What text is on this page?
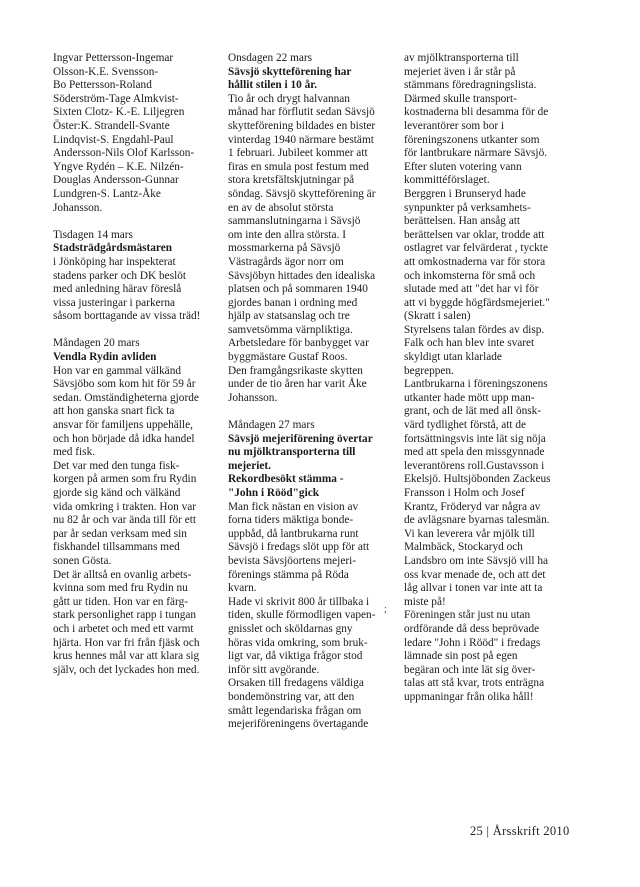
Ingvar Pettersson-Ingemar
Olsson-K.E. Svensson-
Bo Pettersson-Roland
Söderström-Tage Almkvist-
Sixten Clotz- K.-E. Liljegren
Öster:K. Strandell-Svante
Lindqvist-S. Engdahl-Paul
Andersson-Nils Olof Karlsson-
Yngve Rydén – K.E. Nilzén-
Douglas Andersson-Gunnar
Lundgren-S. Lantz-Åke
Johansson.

Tisdagen 14 mars

Stadsträdgårdsmästaren

i Jönköping har inspekterat
stadens parker och DK beslöt
med anledning härav föreslå
vissa justeringar i parkerna
såsom borttagande av vissa träd!

Måndagen 20 mars

Vendla Rydin avliden

Hon var en gammal välkänd
Sävsjöbo som kom hit för 59 år
sedan. Omständigheterna gjorde
att hon ganska snart fick ta
ansvar för familjens uppehälle,
och hon började då idka handel
med fisk.

Det var med den tunga fisk-
korgen på armen som fru Rydin
gjorde sig känd och välkänd
vida omkring i trakten. Hon var
nu 82 år och var ända till för ett
par år sedan verksam med sin
fiskhandel tillsammans med
sonen Gösta.

Det är alltså en ovanlig arbets-
kvinna som med fru Rydin nu
gått ur tiden. Hon var en färg-
stark personlighet rapp i tungan
och i arbetet och med ett varmt
hjärta. Hon var fri från fjäsk och
krus hennes mål var att klara sig
själv, och det lyckades hon med.

Onsdagen 22 mars

Sävsjö skytteförening har
hållit stilen i 10 år.

Tio år och drygt halvannan
månad har förflutit sedan Sävsjö
skytteförening bildades en bister
vinterdag 1940 närmare bestämt
1 februari. Jubileet kommer att
firas en smula post festum med
stora kretsfältskjutningar på
söndag. Sävsjö skytteförening är
en av de absolut största
sammanslutningarna i Sävsjö
om inte den allra största. I
mossmarkerna på Sävsjö
Västragårds ägor norr om
Sävsjöbyn hittades den idealiska
platsen och på sommaren 1940
gjordes banan i ordning med
hjälp av statsanslag och tre
samvetsömma värnpliktiga.

Arbetsledare för banbygget var
byggmästare Gustaf Roos.
Den framgångsrikaste skytten
under de tio åren har varit Åke
Johansson.

Måndagen 27 mars

Sävsjö mejeriförening övertar
nu mjölktransporterna till
mejeriet.
Rekordbesökt stämma -
"John i Rööd"gick

Man fick nästan en vision av
forna tiders mäktiga bonde-
uppbåd, då lantbrukarna runt
Sävsjö i fredags slöt upp för att
bevista Sävsjöortens mejeri-
förenings stämma på Röda
kvarn.

Hade vi skrivit 800 år tillbaka i
tiden, skulle förmodligen vapen-
gnisslet och sköldarnas gny
höras vida omkring, som bruk-
ligt var, då viktiga frågor stod
inför sitt avgörande.

Orsaken till fredagens väldiga
bondemönstring var, att den
smått legendariska frågan om
mejeriföreningens övertagande

av mjölktransporterna till
mejeriet även i år står på
stämmans föredragningslista.

Därmed skulle transport-
kostnaderna bli desamma för de
leverantörer som bor i
föreningszonens utkanter som
för lantbrukare närmare Sävsjö.

Efter sluten votering vann
kommittéförslaget.

Berggren i Brunseryd hade
synpunkter på verksamhets-
berättelsen. Han ansåg att
berättelsen var oklar, trodde att
ostlagret var felvärderat , tyckte
att omkostnaderna var för stora
och inkomsterna för små och
slutade med att "det har vi för
att vi byggde högfärdsmejeriet."
(Skratt i salen)

Styrelsens talan fördes av disp.
Falk och han blev inte svaret
skyldigt utan klarlade
begreppen.

Lantbrukarna i föreningszonens
utkanter hade mött upp man-
grant, och de lät med all önsk-
värd tydlighet förstå, att de
fortsättningsvis inte lät sig nöja
med att spela den missgynnade
leverantörens roll.Gustavsson i
Ekelsjö. Hultsjöbonden Zackeus
Fransson i Holm och Josef
Krantz, Fröderyd var några av
de avlägsnare byarnas talesmän.
Vi kan leverera vår mjölk till
Malmbäck, Stockaryd och
Landsbro om inte Sävsjö vill ha
oss kvar menade de, och att det
låg allvar i tonen var inte att ta
miste på!

Föreningen står just nu utan
ordförande då dess beprövade
ledare "John i Rööd" i fredags
lämnade sin post på egen
begäran och inte lät sig över-
talas att stå kvar, trots enträgna
uppmaningar från olika håll!

;
25 | Årsskrift 2010
